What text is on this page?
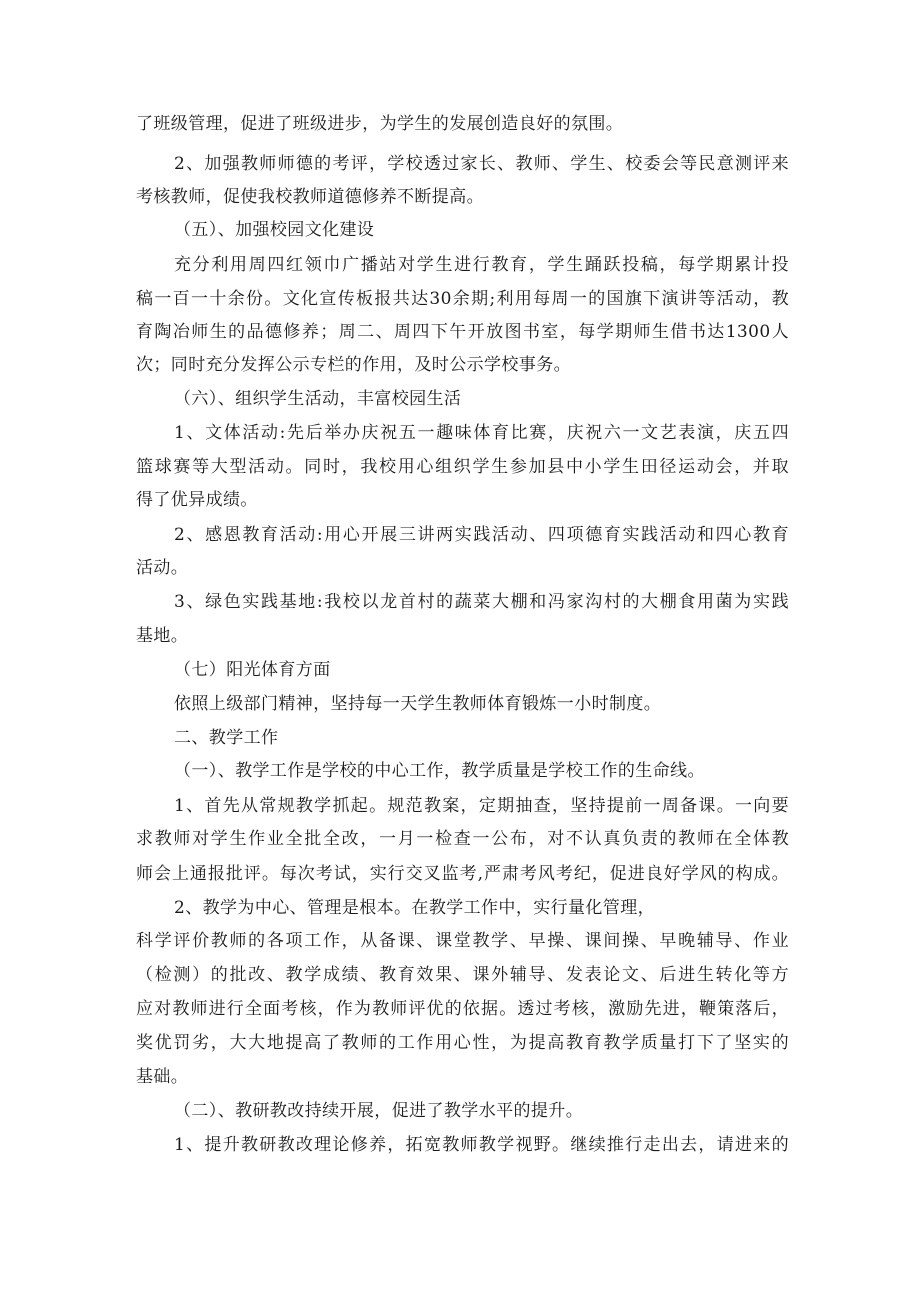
了班级管理，促进了班级进步，为学生的发展创造良好的氛围。
2、加强教师师德的考评，学校透过家长、教师、学生、校委会等民意测评来
考核教师，促使我校教师道德修养不断提高。
（五）、加强校园文化建设
充分利用周四红领巾广播站对学生进行教育，学生踊跃投稿，每学期累计投
稿一百一十余份。文化宣传板报共达30余期;利用每周一的国旗下演讲等活动，教
育陶冶师生的品德修养；周二、周四下午开放图书室，每学期师生借书达1300人
次；同时充分发挥公示专栏的作用，及时公示学校事务。
（六）、组织学生活动，丰富校园生活
1、文体活动:先后举办庆祝五一趣味体育比赛，庆祝六一文艺表演，庆五四
篮球赛等大型活动。同时，我校用心组织学生参加县中小学生田径运动会，并取
得了优异成绩。
2、感恩教育活动:用心开展三讲两实践活动、四项德育实践活动和四心教育
活动。
3、绿色实践基地:我校以龙首村的蔬菜大棚和冯家沟村的大棚食用菌为实践
基地。
（七）阳光体育方面
依照上级部门精神，坚持每一天学生教师体育锻炼一小时制度。
二、教学工作
（一）、教学工作是学校的中心工作，教学质量是学校工作的生命线。
1、首先从常规教学抓起。规范教案，定期抽查，坚持提前一周备课。一向要
求教师对学生作业全批全改，一月一检查一公布，对不认真负责的教师在全体教
师会上通报批评。每次考试，实行交叉监考,严肃考风考纪，促进良好学风的构成。
2、教学为中心、管理是根本。在教学工作中，实行量化管理，
科学评价教师的各项工作，从备课、课堂教学、早操、课间操、早晚辅导、作业
（检测）的批改、教学成绩、教育效果、课外辅导、发表论文、后进生转化等方
应对教师进行全面考核，作为教师评优的依据。透过考核，激励先进，鞭策落后，
奖优罚劣，大大地提高了教师的工作用心性，为提高教育教学质量打下了坚实的
基础。
（二）、教研教改持续开展，促进了教学水平的提升。
1、提升教研教改理论修养，拓宽教师教学视野。继续推行走出去，请进来的
